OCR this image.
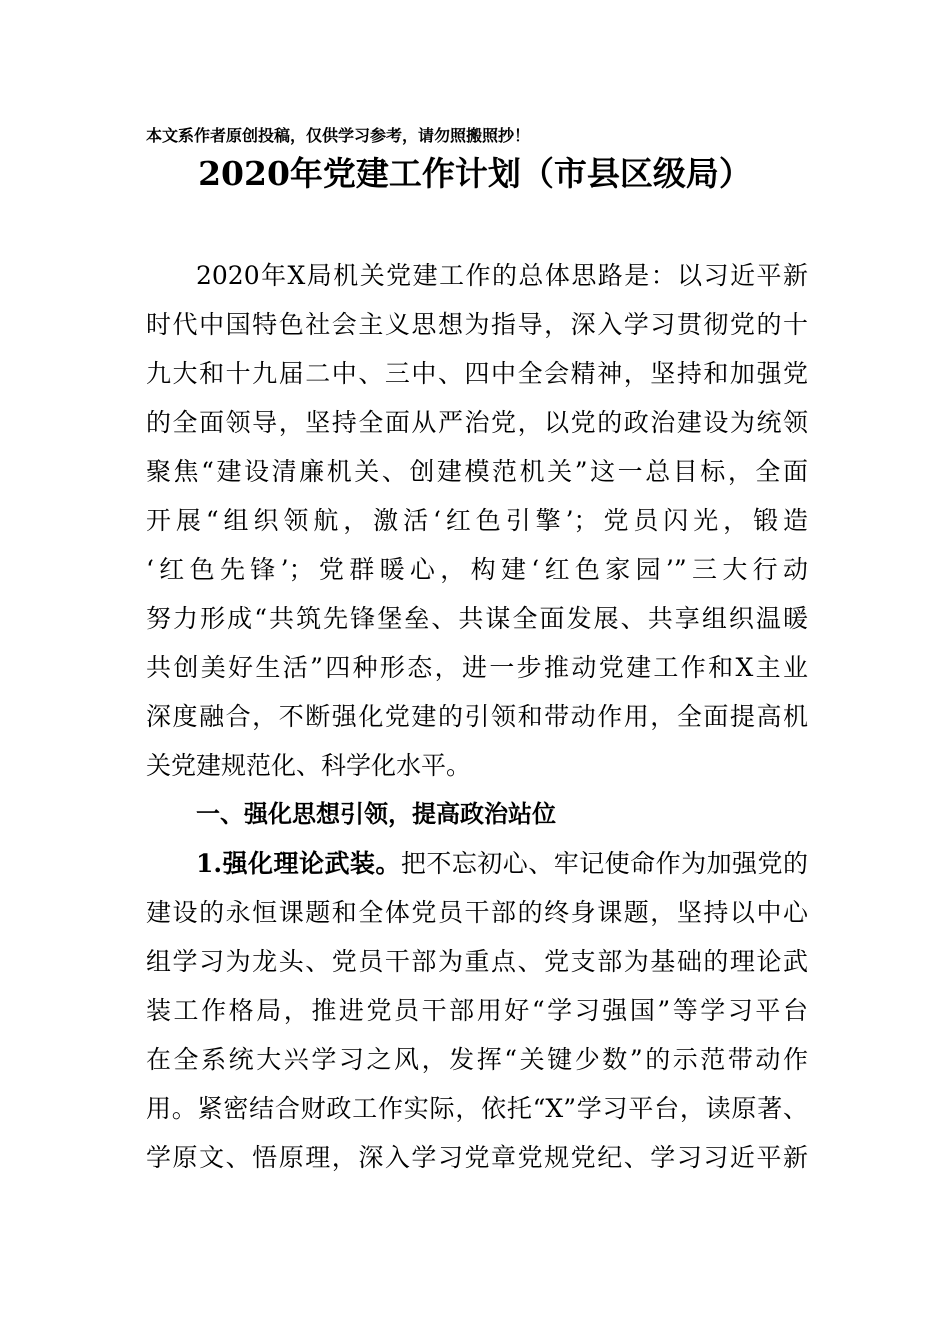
本文系作者原创投稿，仅供学习参考，请勿照搬照抄！
2020年党建工作计划（市县区级局）
2020年X局机关党建工作的总体思路是：以习近平新
时代中国特色社会主义思想为指导，深入学习贯彻党的十
九大和十九届二中、三中、四中全会精神，坚持和加强党
的全面领导，坚持全面从严治党，以党的政治建设为统领
聚焦“建设清廉机关、创建模范机关”这一总目标，全面
开展“组织领航，激活‘红色引擎’；党员闪光，锻造
‘红色先锋’；党群暖心，构建‘红色家园’”三大行动
努力形成“共筑先锋堡垒、共谋全面发展、共享组织温暖
共创美好生活”四种形态，进一步推动党建工作和X主业
深度融合，不断强化党建的引领和带动作用，全面提高机
关党建规范化、科学化水平。
一、强化思想引领，提高政治站位
1.强化理论武装。把不忘初心、牢记使命作为加强党的
建设的永恒课题和全体党员干部的终身课题，坚持以中心
组学习为龙头、党员干部为重点、党支部为基础的理论武
装工作格局，推进党员干部用好“学习强国”等学习平台
在全系统大兴学习之风，发挥“关键少数”的示范带动作
用。紧密结合财政工作实际，依托“X”学习平台，读原著、
学原文、悟原理，深入学习党章党规党纪、学习习近平新
